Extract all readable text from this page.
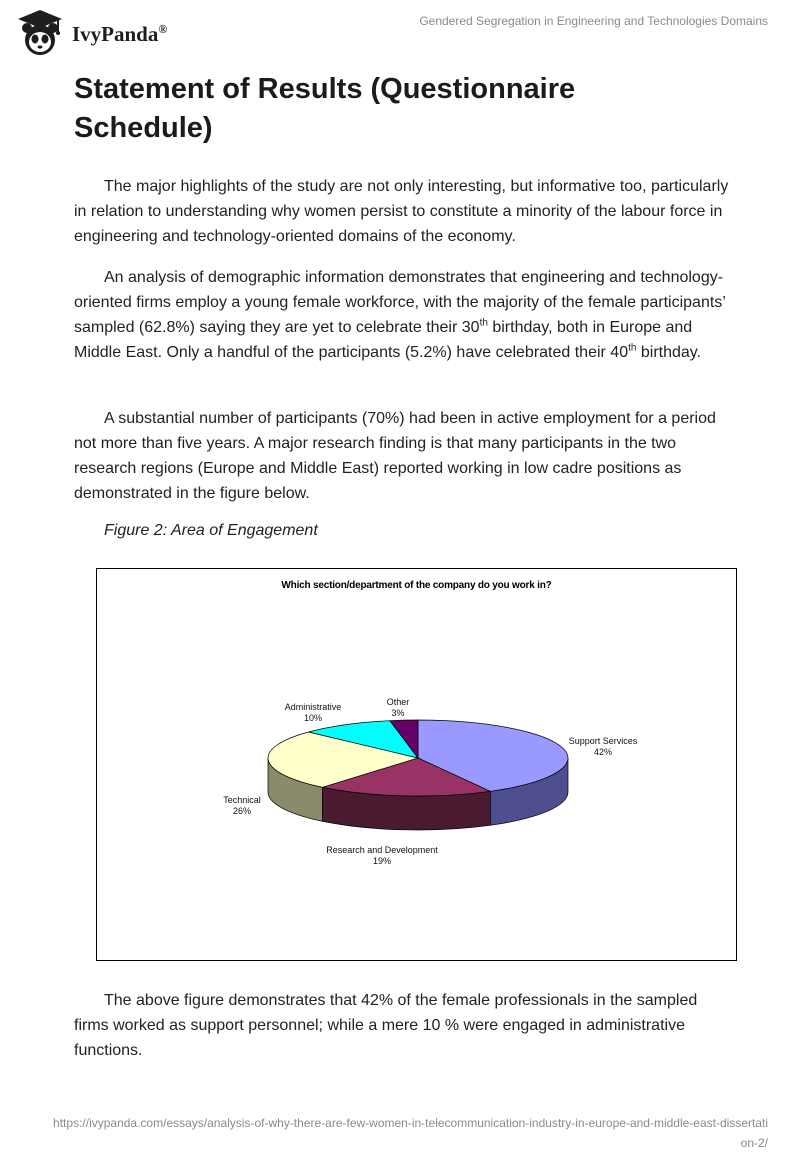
IvyPanda®
Gendered Segregation in Engineering and Technologies Domains
Statement of Results (Questionnaire Schedule)

The major highlights of the study are not only interesting, but informative too, particularly in relation to understanding why women persist to constitute a minority of the labour force in engineering and technology-oriented domains of the economy.

An analysis of demographic information demonstrates that engineering and technology-oriented firms employ a young female workforce, with the majority of the female participants’ sampled (62.8%) saying they are yet to celebrate their 30th birthday, both in Europe and Middle East. Only a handful of the participants (5.2%) have celebrated their 40th birthday.

A substantial number of participants (70%) had been in active employment for a period not more than five years. A major research finding is that many participants in the two research regions (Europe and Middle East) reported working in low cadre positions as demonstrated in the figure below.

Figure 2: Area of Engagement

Which section/department of the company do you work in?
Support Services
42%
Research and Development
19%
Technical
26%
Administrative
10%
Other
3%

The above figure demonstrates that 42% of the female professionals in the sampled firms worked as support personnel; while a mere 10 % were engaged in administrative functions.

https://ivypanda.com/essays/analysis-of-why-there-are-few-women-in-telecommunication-industry-in-europe-and-middle-east-dissertation-2/
